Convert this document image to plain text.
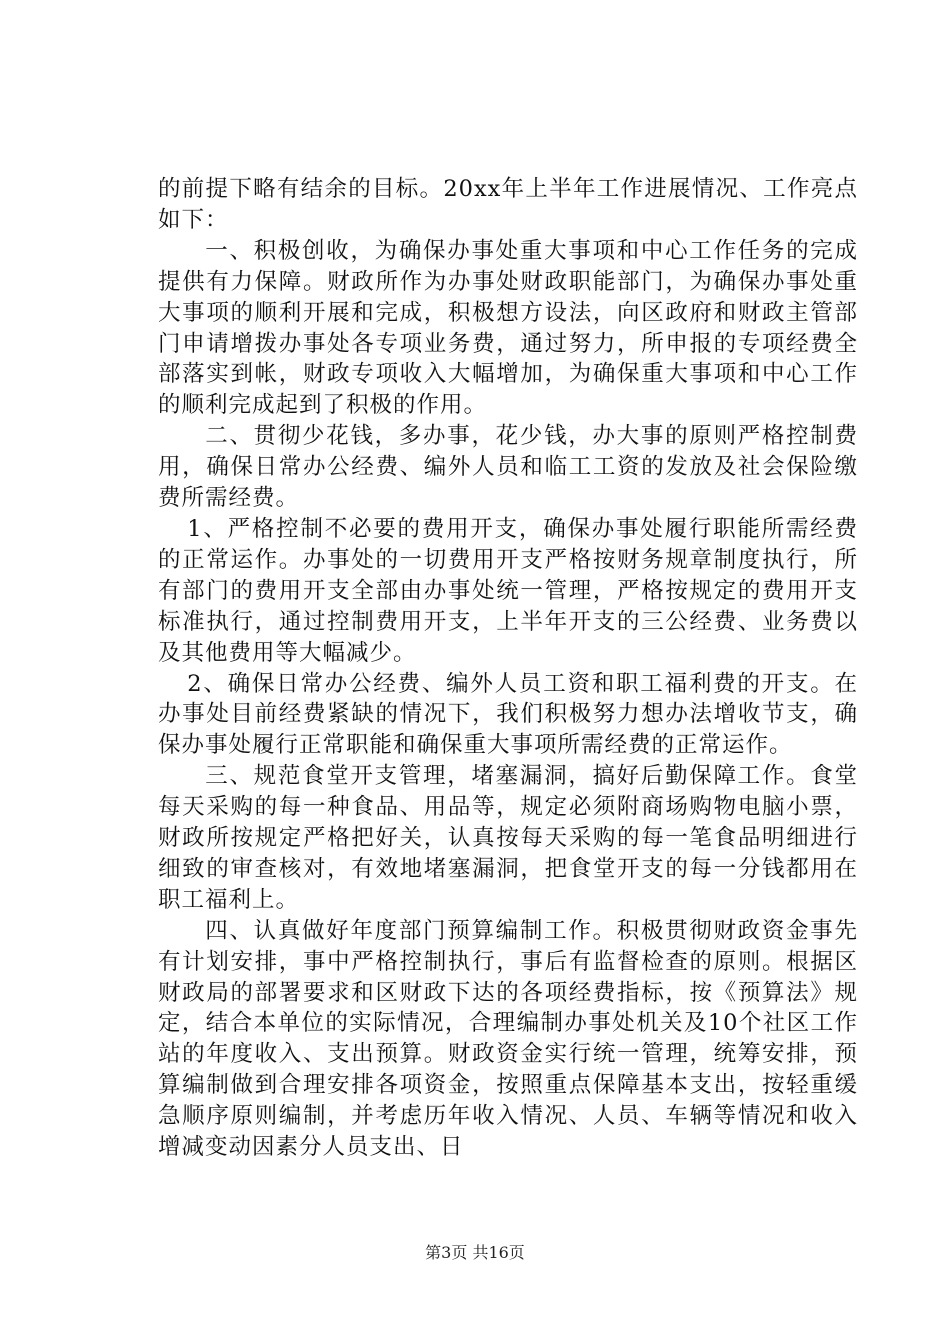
的前提下略有结余的目标。20xx年上半年工作进展情况、工作亮点如下：

一、积极创收，为确保办事处重大事项和中心工作任务的完成提供有力保障。财政所作为办事处财政职能部门，为确保办事处重大事项的顺利开展和完成，积极想方设法，向区政府和财政主管部门申请增拨办事处各专项业务费，通过努力，所申报的专项经费全部落实到帐，财政专项收入大幅增加，为确保重大事项和中心工作的顺利完成起到了积极的作用。

二、贯彻少花钱，多办事，花少钱，办大事的原则严格控制费用，确保日常办公经费、编外人员和临工工资的发放及社会保险缴费所需经费。

1、严格控制不必要的费用开支，确保办事处履行职能所需经费的正常运作。办事处的一切费用开支严格按财务规章制度执行，所有部门的费用开支全部由办事处统一管理，严格按规定的费用开支标准执行，通过控制费用开支，上半年开支的三公经费、业务费以及其他费用等大幅减少。

2、确保日常办公经费、编外人员工资和职工福利费的开支。在办事处目前经费紧缺的情况下，我们积极努力想办法增收节支，确保办事处履行正常职能和确保重大事项所需经费的正常运作。

三、规范食堂开支管理，堵塞漏洞，搞好后勤保障工作。食堂每天采购的每一种食品、用品等，规定必须附商场购物电脑小票，财政所按规定严格把好关，认真按每天采购的每一笔食品明细进行细致的审查核对，有效地堵塞漏洞，把食堂开支的每一分钱都用在职工福利上。

四、认真做好年度部门预算编制工作。积极贯彻财政资金事先有计划安排，事中严格控制执行，事后有监督检查的原则。根据区财政局的部署要求和区财政下达的各项经费指标，按《预算法》规定，结合本单位的实际情况，合理编制办事处机关及10个社区工作站的年度收入、支出预算。财政资金实行统一管理，统筹安排，预算编制做到合理安排各项资金，按照重点保障基本支出，按轻重缓急顺序原则编制，并考虑历年收入情况、人员、车辆等情况和收入增减变动因素分人员支出、日

第3页 共16页
